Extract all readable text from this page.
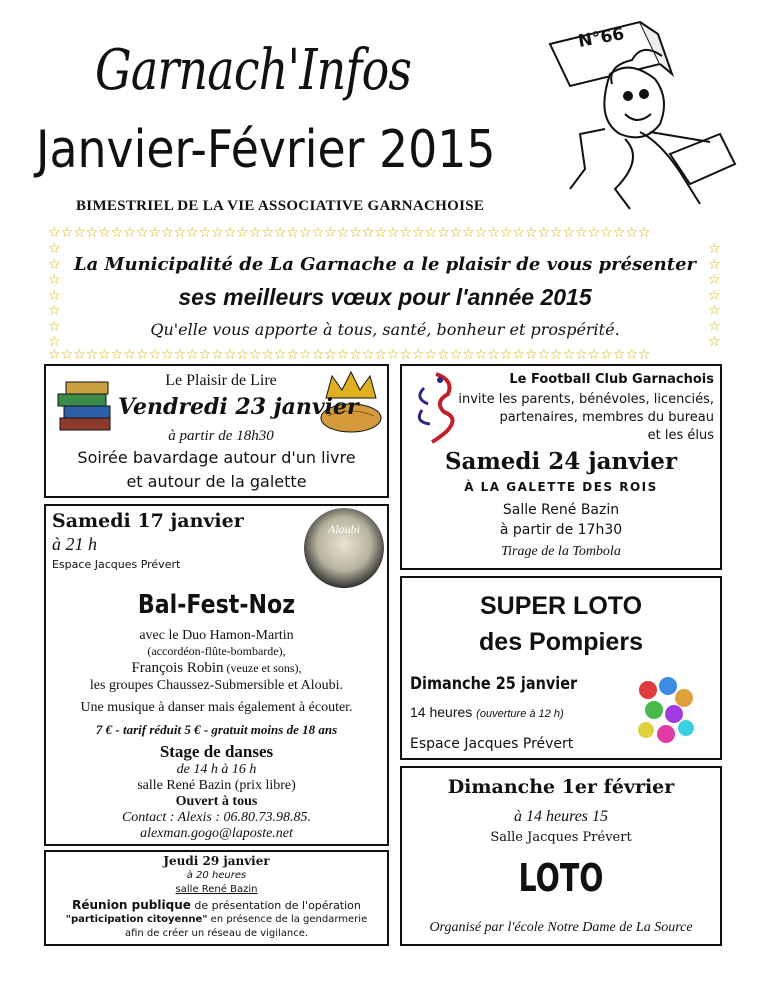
Garnach'Infos
Janvier-Février 2015
BIMESTRIEL DE LA VIE ASSOCIATIVE GARNACHOISE
N°66
☆☆☆☆☆☆☆☆☆☆☆☆☆☆☆☆☆☆☆☆☆☆☆☆☆☆☆☆☆☆☆☆☆☆☆☆☆☆☆☆☆☆☆☆☆☆☆☆
☆☆☆☆☆☆☆☆☆☆☆☆☆☆☆☆☆☆☆☆☆☆☆☆☆☆☆☆☆☆☆☆☆☆☆☆☆☆☆☆☆☆☆☆☆☆☆☆
☆
☆
☆
☆
☆
☆
☆
☆
☆
☆
☆
☆
☆
☆
La Municipalité de La Garnache a le plaisir de vous présenter
ses meilleurs vœux pour l'année 2015
Qu'elle vous apporte à tous, santé, bonheur et prospérité.
Le Plaisir de Lire
Vendredi 23 janvier
à partir de 18h30
Soirée bavardage autour d'un livre
et autour de la galette
Le Football Club Garnachois
invite les parents, bénévoles, licenciés,
partenaires, membres du bureau
et les élus
Samedi 24 janvier
À LA GALETTE DES ROIS
Salle René Bazin
à partir de 17h30
Tirage de la Tombola
Samedi 17 janvier
à 21 h
Espace Jacques Prévert
Aloubi
Bal-Fest-Noz
avec le Duo Hamon-Martin
(accordéon-flûte-bombarde),
François Robin (veuze et sons),
les groupes Chaussez-Submersible et Aloubi.
Une musique à danser mais également à écouter.
7 € - tarif réduit 5 € - gratuit moins de 18 ans
Stage de danses
de 14 h à 16 h
salle René Bazin (prix libre)
Ouvert à tous
Contact : Alexis : 06.80.73.98.85.
alexman.gogo@laposte.net
Jeudi 29 janvier
à 20 heures
salle René Bazin
Réunion publique de présentation de l'opération
"participation citoyenne" en présence de la gendarmerie
afin de créer un réseau de vigilance.
SUPER LOTO
des Pompiers
Dimanche 25 janvier
14 heures (ouverture à 12 h)
Espace Jacques Prévert
Dimanche 1er février
à 14 heures 15
Salle Jacques Prévert
LOTO
Organisé par l'école Notre Dame de La Source
